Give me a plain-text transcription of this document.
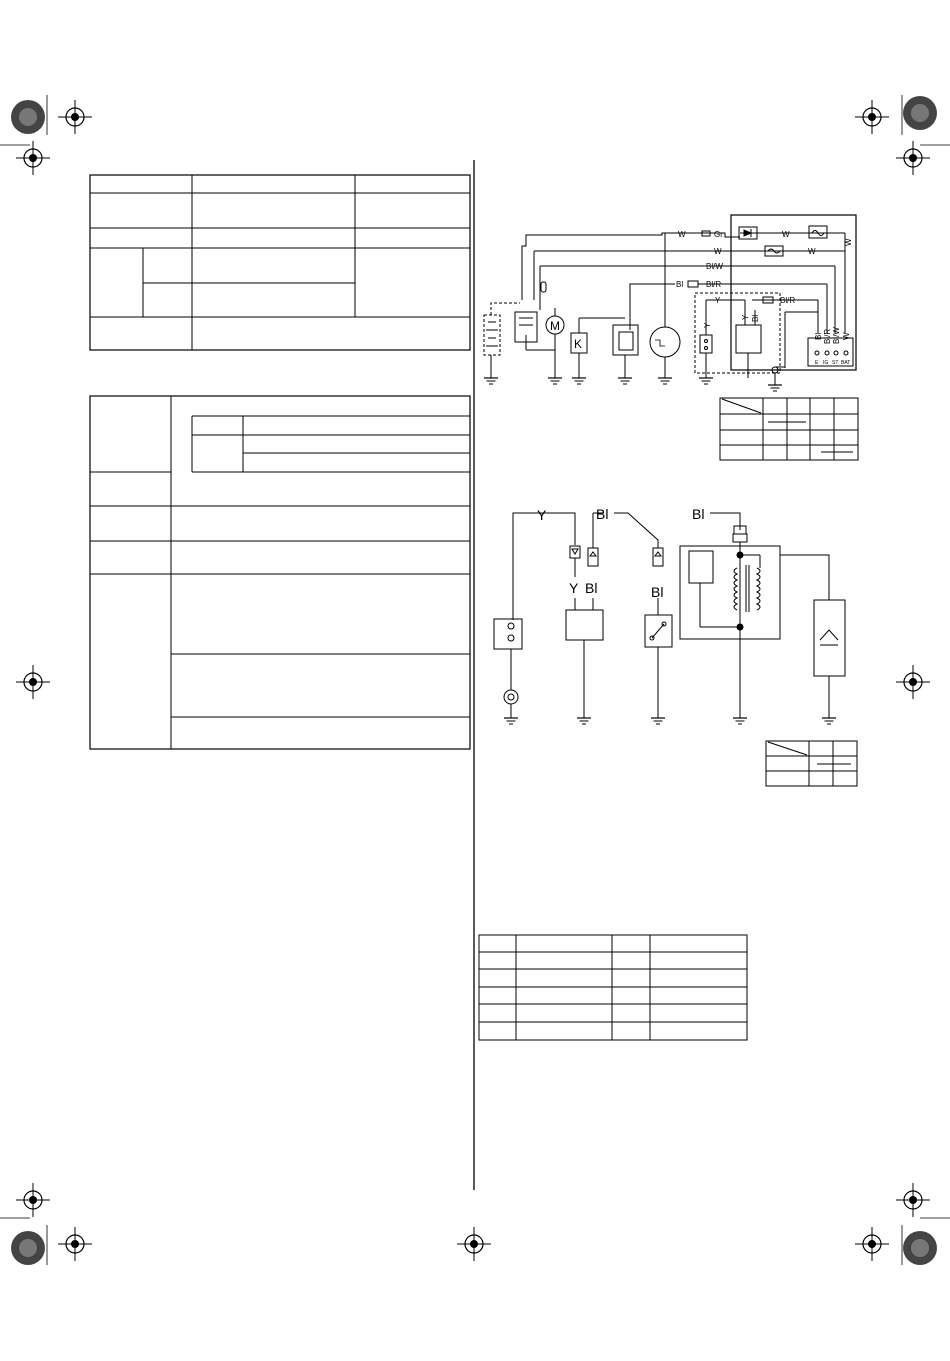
M
K
W	Gr	W
W	W
Bl/W
Bl	Bl/R
Y	Bl/R
W
Y
Y Bl
Bl Bl/R Bl/W W
E IG ST BAT
Y	Bl	Bl
Y Bl	Bl
